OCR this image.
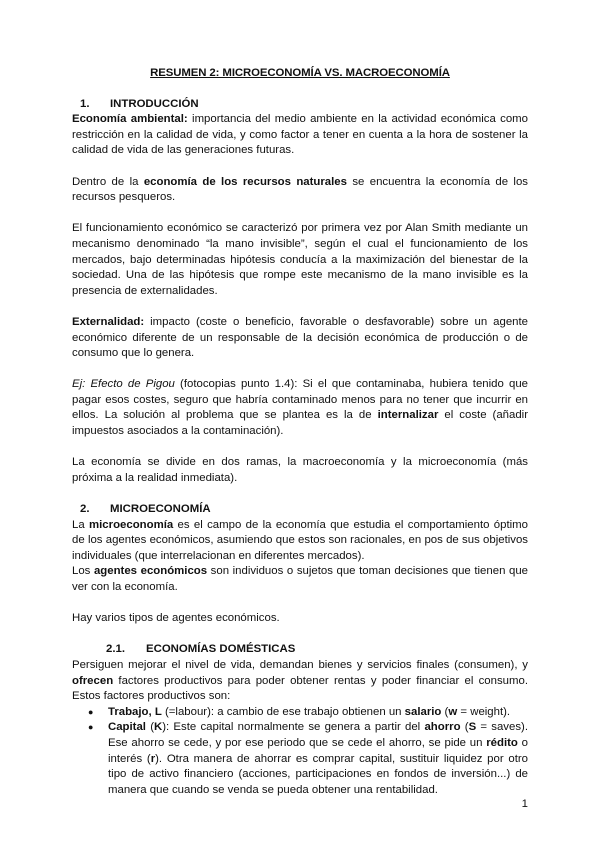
RESUMEN 2: MICROECONOMÍA VS. MACROECONOMÍA
1.	INTRODUCCIÓN

Economía ambiental: importancia del medio ambiente en la actividad económica como restricción en la calidad de vida, y como factor a tener en cuenta a la hora de sostener la calidad de vida de las generaciones futuras.

Dentro de la economía de los recursos naturales se encuentra la economía de los recursos pesqueros.

El funcionamiento económico se caracterizó por primera vez por Alan Smith mediante un mecanismo denominado “la mano invisible”, según el cual el funcionamiento de los mercados, bajo determinadas hipótesis conducía a la maximización del bienestar de la sociedad. Una de las hipótesis que rompe este mecanismo de la mano invisible es la presencia de externalidades.

Externalidad: impacto (coste o beneficio, favorable o desfavorable) sobre un agente económico diferente de un responsable de la decisión económica de producción o de consumo que lo genera.

Ej: Efecto de Pigou (fotocopias punto 1.4): Si el que contaminaba, hubiera tenido que pagar esos costes, seguro que habría contaminado menos para no tener que incurrir en ellos. La solución al problema que se plantea es la de internalizar el coste (añadir impuestos asociados a la contaminación).

La economía se divide en dos ramas, la macroeconomía y la microeconomía (más próxima a la realidad inmediata).

2.	MICROECONOMÍA

La microeconomía es el campo de la economía que estudia el comportamiento óptimo de los agentes económicos, asumiendo que estos son racionales, en pos de sus objetivos individuales (que interrelacionan en diferentes mercados).

Los agentes económicos son individuos o sujetos que toman decisiones que tienen que ver con la economía.

Hay varios tipos de agentes económicos.

2.1.	ECONOMÍAS DOMÉSTICAS

Persiguen mejorar el nivel de vida, demandan bienes y servicios finales (consumen), y ofrecen factores productivos para poder obtener rentas y poder financiar el consumo. Estos factores productivos son:

● Trabajo, L (=labour): a cambio de ese trabajo obtienen un salario (w = weight).
● Capital (K): Este capital normalmente se genera a partir del ahorro (S = saves). Ese ahorro se cede, y por ese periodo que se cede el ahorro, se pide un rédito o interés (r). Otra manera de ahorrar es comprar capital, sustituir liquidez por otro tipo de activo financiero (acciones, participaciones en fondos de inversión...) de manera que cuando se venda se pueda obtener una rentabilidad.
1
